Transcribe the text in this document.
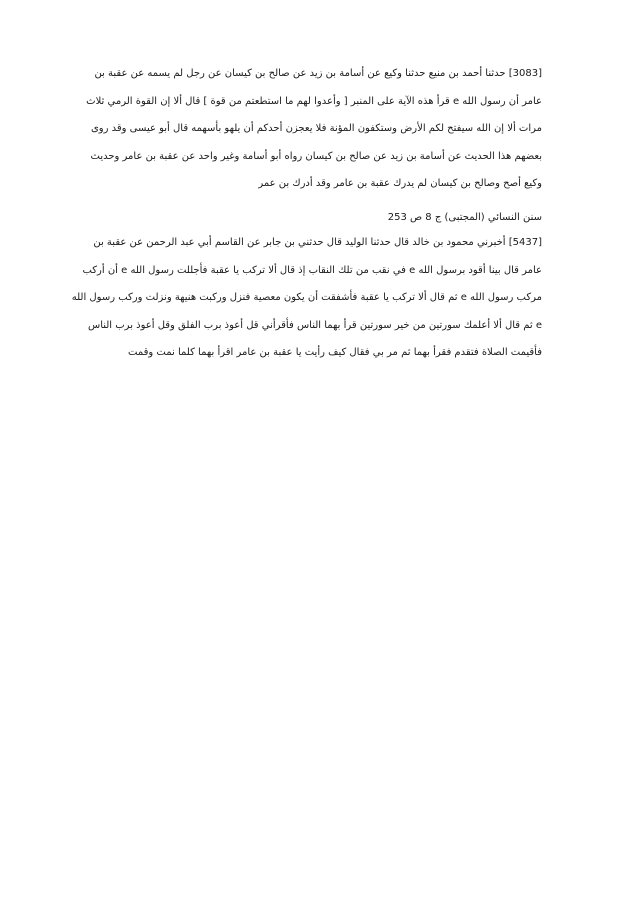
[3083] حدثنا أحمد بن منيع حدثنا وكيع عن أسامة بن زيد عن صالح بن كيسان عن رجل لم يسمه عن عقبة بن
عامر أن رسول الله e قرأ هذه الآية على المنبر [ وأعدوا لهم ما استطعتم من قوة ] قال ألا إن القوة الرمي ثلاث
مرات ألا إن الله سيفتح لكم الأرض وستكفون المؤنة فلا يعجزن أحدكم أن يلهو بأسهمه قال أبو عيسى وقد روى
بعضهم هذا الحديث عن أسامة بن زيد عن صالح بن كيسان رواه أبو أسامة وغير واحد عن عقبة بن عامر وحديث
وكيع أصح وصالح بن كيسان لم يدرك عقبة بن عامر وقد أدرك بن عمر
سنن النسائي (المجتبى) ج 8 ص 253
[5437] أخبرني محمود بن خالد قال حدثنا الوليد قال حدثني بن جابر عن القاسم أبي عبد الرحمن عن عقبة بن
عامر قال بينا أقود برسول الله e في نقب من تلك النقاب إذ قال ألا تركب يا عقبة فأجللت رسول الله e أن أركب
مركب رسول الله e ثم قال ألا تركب يا عقبة فأشفقت أن يكون معصية فنزل وركبت هنيهة ونزلت وركب رسول الله
e ثم قال ألا أعلمك سورتين من خير سورتين قرأ بهما الناس فأقرأني قل أعوذ برب الفلق وقل أعوذ برب الناس
فأقيمت الصلاة فتقدم فقرأ بهما ثم مر بي فقال كيف رأيت يا عقبة بن عامر اقرأ بهما كلما نمت وقمت
